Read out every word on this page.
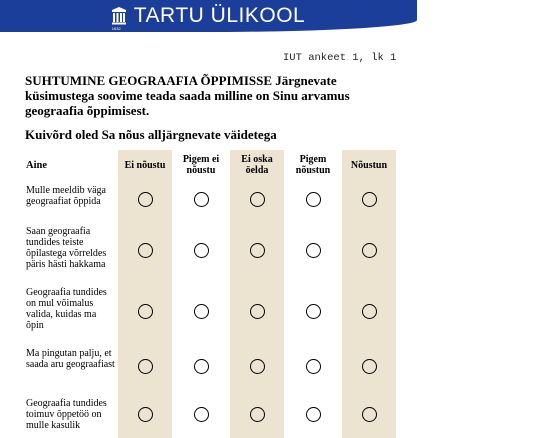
1632
TARTU ÜLIKOOL
IUT ankeet 1, lk 1
SUHTUMINE GEOGRAAFIA ÕPPIMISSE Järgnevate küsimustega soovime teada saada milline on Sinu arvamus geograafia õppimisest.
Kuivõrd oled Sa nõus alljärgnevate väidetega
Aine	Ei nõustu	Pigem ei nõustu	Ei oska öelda	Pigem nõustun	Nõustun
Mulle meeldib väga geograafiat õppida					
Saan geograafia tundides teiste õpilastega võrreldes päris hästi hakkama					
Geograafia tundides on mul võimalus valida, kuidas ma õpin					
Ma pingutan palju, et saada aru geograafiast					
Geograafia tundides toimuv õppetöö on mulle kasulik					
